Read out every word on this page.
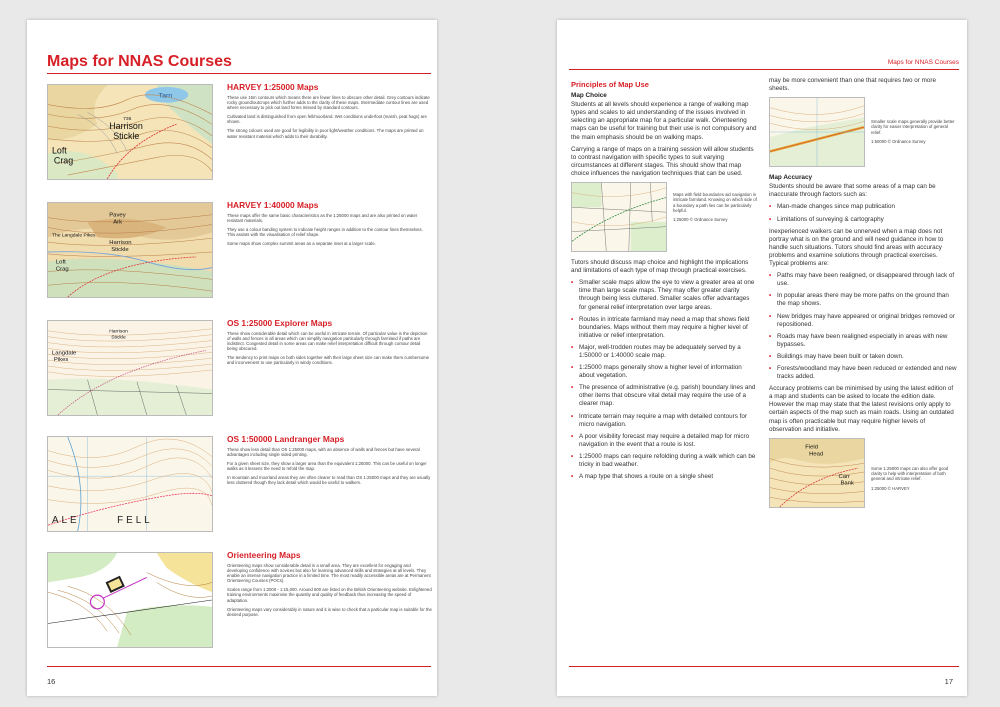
Maps for NNAS Courses
Tarn
736
Harrison
Stickle
Loft
Crag
HARVEY 1:25000 Maps

These use 15m contours which means there are fewer lines to obscure other detail. Grey contours indicate rocky ground/outcrops which further adds to the clarity of these maps. Intermediate contour lines are used where necessary to pick out land forms missed by standard contours.

Cultivated land is distinguished from open fell/moorland. Wet conditions underfoot (marsh, peat hags) are shown.

The strong colours used are good for legibility in poor light/weather conditions. The maps are printed on water resistant material which adds to their durability.

Pavey
Ark
Loft
Crag
Harrison
Stickle
The Langdale Pikes
HARVEY 1:40000 Maps

These maps offer the same basic characteristics as the 1:25000 maps and are also printed on water resistant materials.

They use a colour banding system to indicate height ranges in addition to the contour lines themselves. This assists with the visualisation of relief shape.

Some maps show complex summit areas as a separate inset at a larger scale.

Harrison
Stickle
Langdale
Pikes
OS 1:25000 Explorer Maps

These show considerable detail which can be useful in intricate terrain. Of particular value is the depiction of walls and fences in all areas which can simplify navigation particularly through farmland if paths are indistinct. Congested detail in some areas can make relief interpretation difficult through contour detail being obscured.

The tendency to print maps on both sides together with their large sheet size can make them cumbersome and inconvenient to use particularly in windy conditions.

ALE	FELL
OS 1:50000 Landranger Maps

These show less detail than OS 1:25000 maps, with an absence of walls and fences but have several advantages including single sided printing.

For a given sheet size, they show a larger area than the equivalent 1:25000. This can be useful on longer walks as it lessens the need to refold the map.

In mountain and moorland areas they are often clearer to read than OS 1:25000 maps and they are usually less cluttered though they lack detail which would be useful to walkers.

Orienteering Maps

Orienteering maps show considerable detail in a small area. They are excellent for engaging and developing confidence with novices but also for learning advanced skills and strategies at all levels. They enable an intense navigation practice in a limited time. The most readily accessible areas are at Permanent Orienteering Courses (POCs).

Scales range from 1:2000 - 1:15,000. Around 600 are listed on the British Orienteering website. Enlightened training environments maximise the quantity and quality of feedback thus increasing the speed of adaptation.

Orienteering maps vary considerably in nature and it is wise to check that a particular map is suitable for the desired purpose.

16
Maps for NNAS Courses
Principles of Map Use
Map Choice

Students at all levels should experience a range of walking map types and scales to aid understanding of the issues involved in selecting an appropriate map for a particular walk. Orienteering maps can be useful for training but their use is not compulsory and the main emphasis should be on walking maps.

Carrying a range of maps on a training session will allow students to contrast navigation with specific types to suit varying circumstances at different stages. This should show that map choice influences the navigation techniques that can be used.

Maps with field boundaries aid navigation in intricate farmland. Knowing on which side of a boundary a path lies can be particularly helpful.
1:25000 © Ordnance Survey

Tutors should discuss map choice and highlight the implications and limitations of each type of map through practical exercises.

• Smaller scale maps allow the eye to view a greater area at one time than large scale maps. They may offer greater clarity through being less cluttered. Smaller scales offer advantages for general relief interpretation over large areas.
• Routes in intricate farmland may need a map that shows field boundaries. Maps without them may require a higher level of initiative or relief interpretation.
• Major, well-trodden routes may be adequately served by a 1:50000 or 1:40000 scale map.
• 1:25000 maps generally show a higher level of information about vegetation.
• The presence of administrative (e.g. parish) boundary lines and other items that obscure vital detail may require the use of a clearer map.
• Intricate terrain may require a map with detailed contours for micro navigation.
• A poor visibility forecast may require a detailed map for micro navigation in the event that a route is lost.
• 1:25000 maps can require refolding during a walk which can be tricky in bad weather.
• A map type that shows a route on a single sheet

may be more convenient than one that requires two or more sheets.

Smaller scale maps generally provide better clarity for easier interpretation of general relief.
1:50000 © Ordnance Survey
Map Accuracy

Students should be aware that some areas of a map can be inaccurate through factors such as:

• Man-made changes since map publication
• Limitations of surveying & cartography

Inexperienced walkers can be unnerved when a map does not portray what is on the ground and will need guidance in how to handle such situations. Tutors should find areas with accuracy problems and examine solutions through practical exercises. Typical problems are:

• Paths may have been realigned, or disappeared through lack of use.
• In popular areas there may be more paths on the ground than the map shows.
• New bridges may have appeared or original bridges removed or repositioned.
• Roads may have been realigned especially in areas with new bypasses.
• Buildings may have been built or taken down.
• Forests/woodland may have been reduced or extended and new tracks added.

Accuracy problems can be minimised by using the latest edition of a map and students can be asked to locate the edition date. However the map may state that the latest revisions only apply to certain aspects of the map such as main roads. Using an outdated map is often practicable but may require higher levels of observation and initiative.

Field
Head
Carr
Bank
Some 1:25000 maps can also offer good clarity to help with interpretation of both general and intricate relief.
1:25000 © HARVEY
17
